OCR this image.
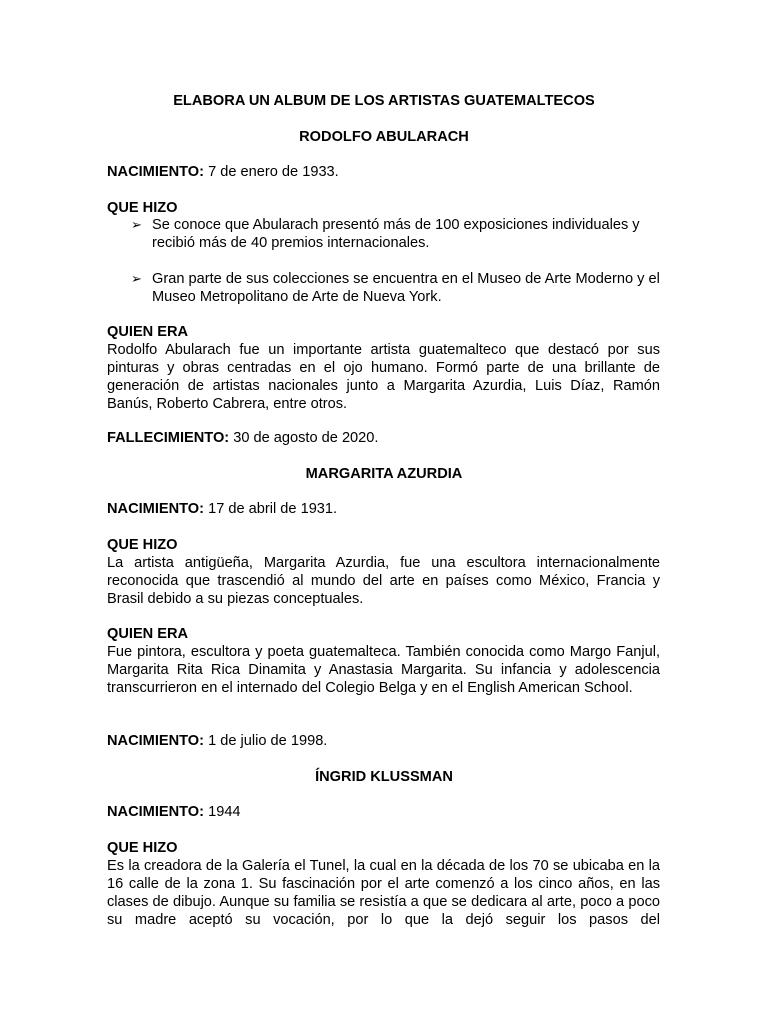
ELABORA UN ALBUM DE LOS ARTISTAS GUATEMALTECOS
RODOLFO ABULARACH
NACIMIENTO: 7 de enero de 1933.
QUE HIZO
➢ Se conoce que Abularach presentó más de 100 exposiciones individuales y recibió más de 40 premios internacionales.
➢ Gran parte de sus colecciones se encuentra en el Museo de Arte Moderno y el Museo Metropolitano de Arte de Nueva York.
QUIEN ERA
Rodolfo Abularach fue un importante artista guatemalteco que destacó por sus pinturas y obras centradas en el ojo humano. Formó parte de una brillante de generación de artistas nacionales junto a Margarita Azurdia, Luis Díaz, Ramón Banús, Roberto Cabrera, entre otros.
FALLECIMIENTO: 30 de agosto de 2020.
MARGARITA AZURDIA
NACIMIENTO: 17 de abril de 1931.
QUE HIZO
La artista antigüeña, Margarita Azurdia, fue una escultora internacionalmente reconocida que trascendió al mundo del arte en países como México, Francia y Brasil debido a su piezas conceptuales.
QUIEN ERA
Fue pintora, escultora y poeta guatemalteca. También conocida como Margo Fanjul, Margarita Rita Rica Dinamita y Anastasia Margarita. Su infancia y adolescencia transcurrieron en el internado del Colegio Belga y en el English American School.
NACIMIENTO: 1 de julio de 1998.
ÍNGRID KLUSSMAN
NACIMIENTO: 1944
QUE HIZO
Es la creadora de la Galería el Tunel, la cual en la década de los 70 se ubicaba en la 16 calle de la zona 1. Su fascinación por el arte comenzó a los cinco años, en las clases de dibujo. Aunque su familia se resistía a que se dedicara al arte, poco a poco su madre aceptó su vocación, por lo que la dejó seguir los pasos del
